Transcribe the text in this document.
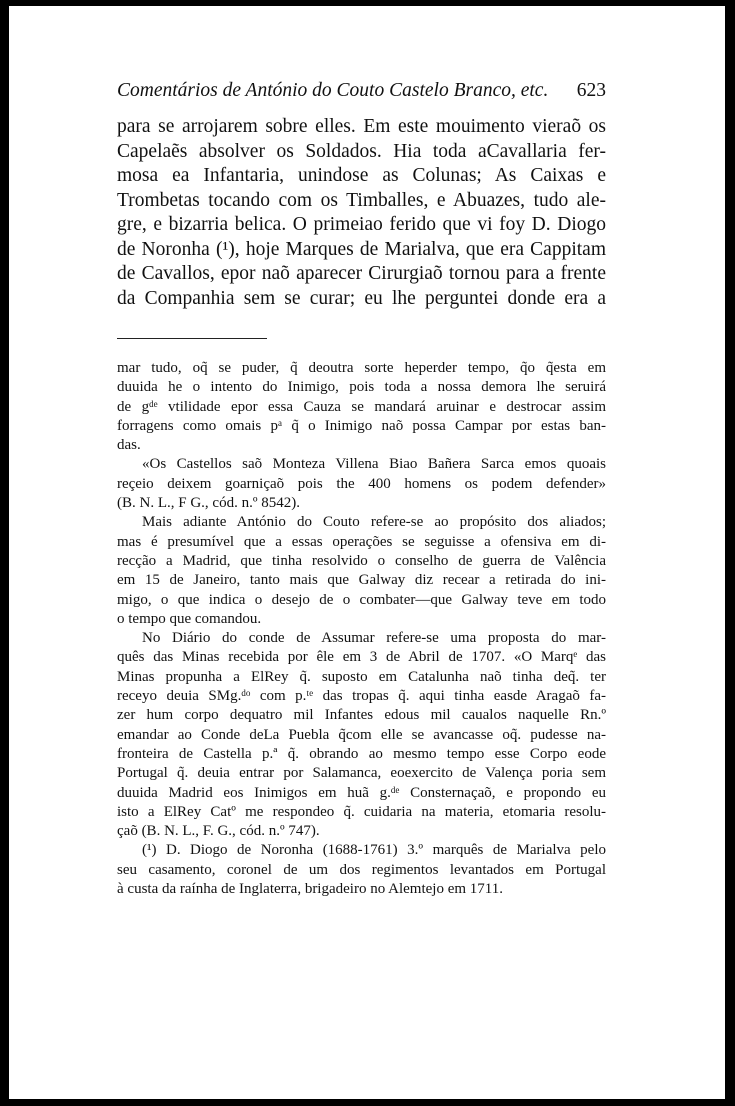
Comentários de António do Couto Castelo Branco, etc. 623
para se arrojarem sobre elles. Em este mouimento vieraõ os
Capelaẽs absolver os Soldados. Hia toda aCavallaria fer-
mosa ea Infantaria, unindose as Colunas; As Caixas e
Trombetas tocando com os Timballes, e Abuazes, tudo ale-
gre, e bizarria belica. O primeiao ferido que vi foy D. Diogo
de Noronha (¹), hoje Marques de Marialva, que era Cappitam
de Cavallos, epor naõ aparecer Cirurgiaõ tornou para a frente
da Companhia sem se curar; eu lhe perguntei donde era a
mar tudo, oq̃ se puder, q̃ deoutra sorte heperder tempo, q̃o q̃esta em
duuida he o intento do Inimigo, pois toda a nossa demora lhe seruirá
de gᵈᵉ vtilidade epor essa Cauza se mandará aruinar e destrocar assim
forragens como omais pᵃ q̃ o Inimigo naõ possa Campar por estas ban-
das.
«Os Castellos saõ Monteza Villena Biao Bañera Sarca emos quoais
reçeio deixem goarniçaõ pois the 400 homens os podem defender»
(B. N. L., F G., cód. n.º 8542).
Mais adiante António do Couto refere-se ao propósito dos aliados;
mas é presumível que a essas operações se seguisse a ofensiva em di-
recção a Madrid, que tinha resolvido o conselho de guerra de Valência
em 15 de Janeiro, tanto mais que Galway diz recear a retirada do ini-
migo, o que indica o desejo de o combater—que Galway teve em todo
o tempo que comandou.
No Diário do conde de Assumar refere-se uma proposta do mar-
quês das Minas recebida por êle em 3 de Abril de 1707. «O Marqᵉ das
Minas propunha a ElRey q̃. suposto em Catalunha naõ tinha deq̃. ter
receyo deuia SMg.ᵈᵒ com p.ᵗᵉ das tropas q̃. aqui tinha easde Aragaõ fa-
zer hum corpo dequatro mil Infantes edous mil caualos naquelle Rn.º
emandar ao Conde deLa Puebla q̃com elle se avancasse oq̃. pudesse na-
fronteira de Castella p.ª q̃. obrando ao mesmo tempo esse Corpo eode
Portugal q̃. deuia entrar por Salamanca, eoexercito de Valença poria sem
duuida Madrid eos Inimigos em huã g.ᵈᵉ Consternaçaõ, e propondo eu
isto a ElRey Catº me respondeo q̃. cuidaria na materia, etomaria resolu-
çaõ (B. N. L., F. G., cód. n.º 747).
(¹) D. Diogo de Noronha (1688-1761) 3.º marquês de Marialva pelo
seu casamento, coronel de um dos regimentos levantados em Portugal
à custa da raínha de Inglaterra, brigadeiro no Alemtejo em 1711.
